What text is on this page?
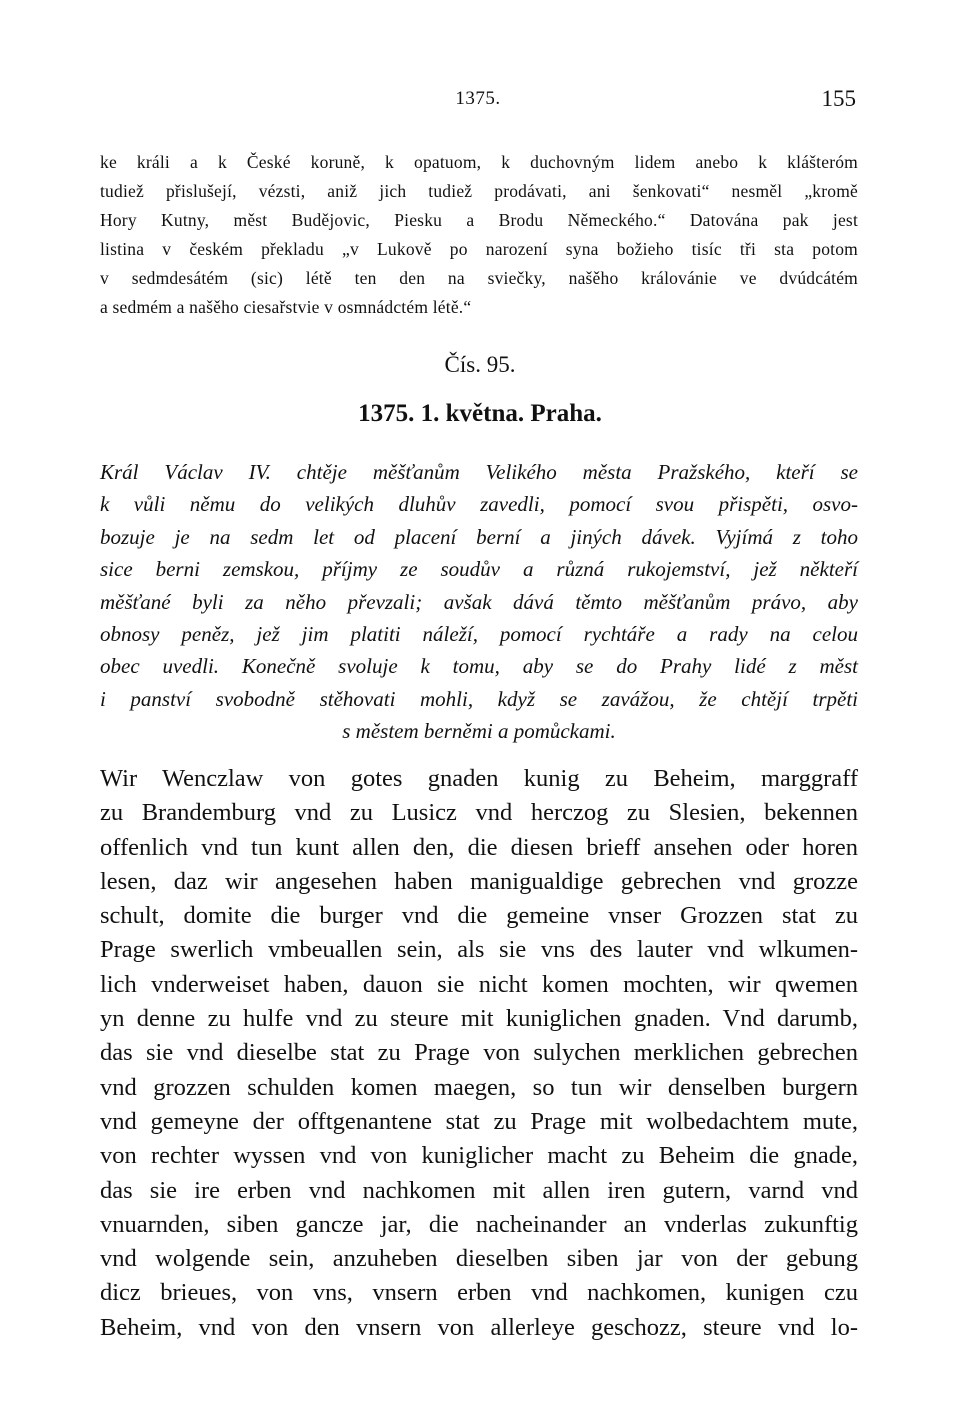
1375.	155
ke králi a k České koruně, k opatuom, k duchovným lidem anebo k klášteróm
tudiež přislušejí, vézsti, aniž jich tudiež prodávati, ani šenkovati“ nesměl „kromě
Hory Kutny, měst Budějovic, Piesku a Brodu Německého.“ Datována pak jest
listina v českém překladu „v Lukově po narození syna božieho tisíc tři sta potom
v sedmdesátém (sic) létě ten den na sviečky, našěho královánie ve dvúdcátém
a sedmém a našěho ciesařstvie v osmnádctém létě.“
Čís. 95.
1375. 1. května. Praha.
Král Václav IV. chtěje měšťanům Velikého města Pražského, kteří se
k vůli němu do velikých dluhův zavedli, pomocí svou přispěti, osvo-
bozuje je na sedm let od placení berní a jiných dávek. Vyjímá z toho
sice berni zemskou, příjmy ze soudův a různá rukojemství, jež někteří
měšťané byli za něho převzali; avšak dává těmto měšťanům právo, aby
obnosy peněz, jež jim platiti náleží, pomocí rychtáře a rady na celou
obec uvedli. Konečně svoluje k tomu, aby se do Prahy lidé z měst
i panství svobodně stěhovati mohli, když se zavážou, že chtějí trpěti
s městem berněmi a pomůckami.
Wir Wenczlaw von gotes gnaden kunig zu Beheim, marggraff
zu Brandemburg vnd zu Lusicz vnd herczog zu Slesien, bekennen
offenlich vnd tun kunt allen den, die diesen brieff ansehen oder horen
lesen, daz wir angesehen haben manigualdige gebrechen vnd grozze
schult, domite die burger vnd die gemeine vnser Grozzen stat zu
Prage swerlich vmbeuallen sein, als sie vns des lauter vnd wlkumen-
lich vnderweiset haben, dauon sie nicht komen mochten, wir qwemen
yn denne zu hulfe vnd zu steure mit kuniglichen gnaden. Vnd darumb,
das sie vnd dieselbe stat zu Prage von sulychen merklichen gebrechen
vnd grozzen schulden komen maegen, so tun wir denselben burgern
vnd gemeyne der offtgenantene stat zu Prage mit wolbedachtem mute,
von rechter wyssen vnd von kuniglicher macht zu Beheim die gnade,
das sie ire erben vnd nachkomen mit allen iren gutern, varnd vnd
vnuarnden, siben gancze jar, die nacheinander an vnderlas zukunftig
vnd wolgende sein, anzuheben dieselben siben jar von der gebung
dicz brieues, von vns, vnsern erben vnd nachkomen, kunigen czu
Beheim, vnd von den vnsern von allerleye geschozz, steure vnd lo-
